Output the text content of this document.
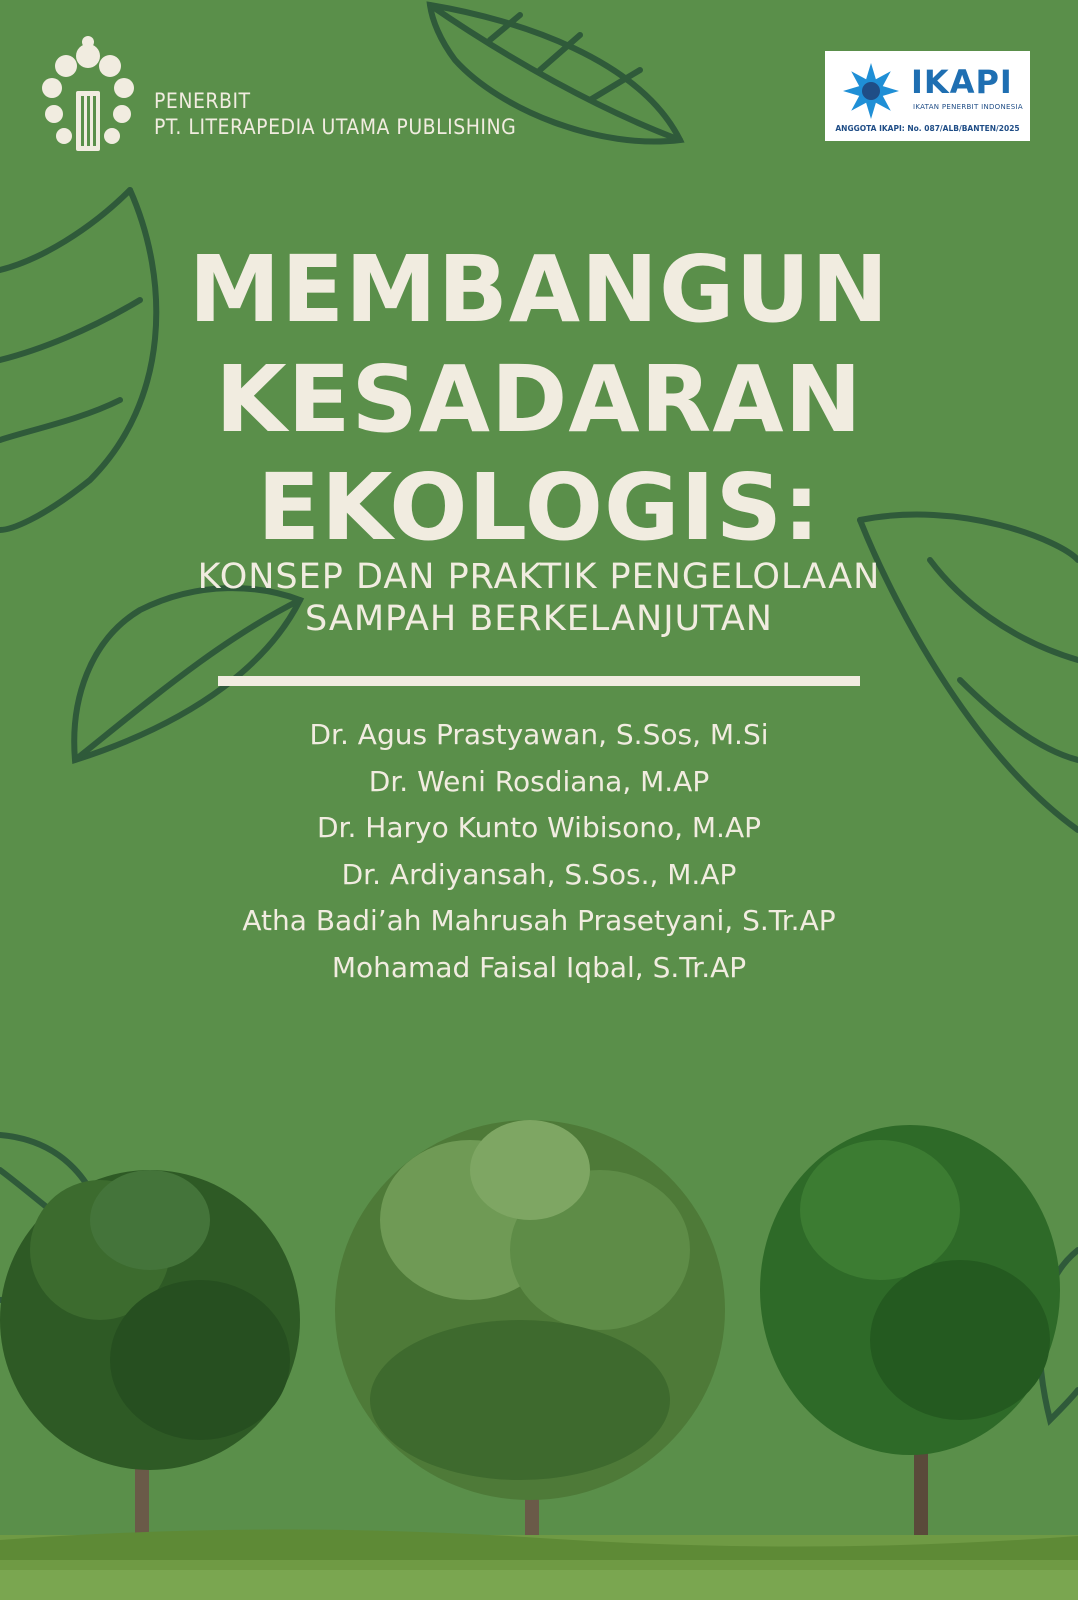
PENERBIT
PT. LITERAPEDIA UTAMA PUBLISHING
IKAPI
IKATAN PENERBIT INDONESIA
ANGGOTA IKAPI: No. 087/ALB/BANTEN/2025
MEMBANGUN
KESADARAN
EKOLOGIS:
KONSEP DAN PRAKTIK PENGELOLAAN
SAMPAH BERKELANJUTAN
Dr. Agus Prastyawan, S.Sos, M.Si
Dr. Weni Rosdiana, M.AP
Dr. Haryo Kunto Wibisono, M.AP
Dr. Ardiyansah, S.Sos., M.AP
Atha Badi’ah Mahrusah Prasetyani, S.Tr.AP
Mohamad Faisal Iqbal, S.Tr.AP
